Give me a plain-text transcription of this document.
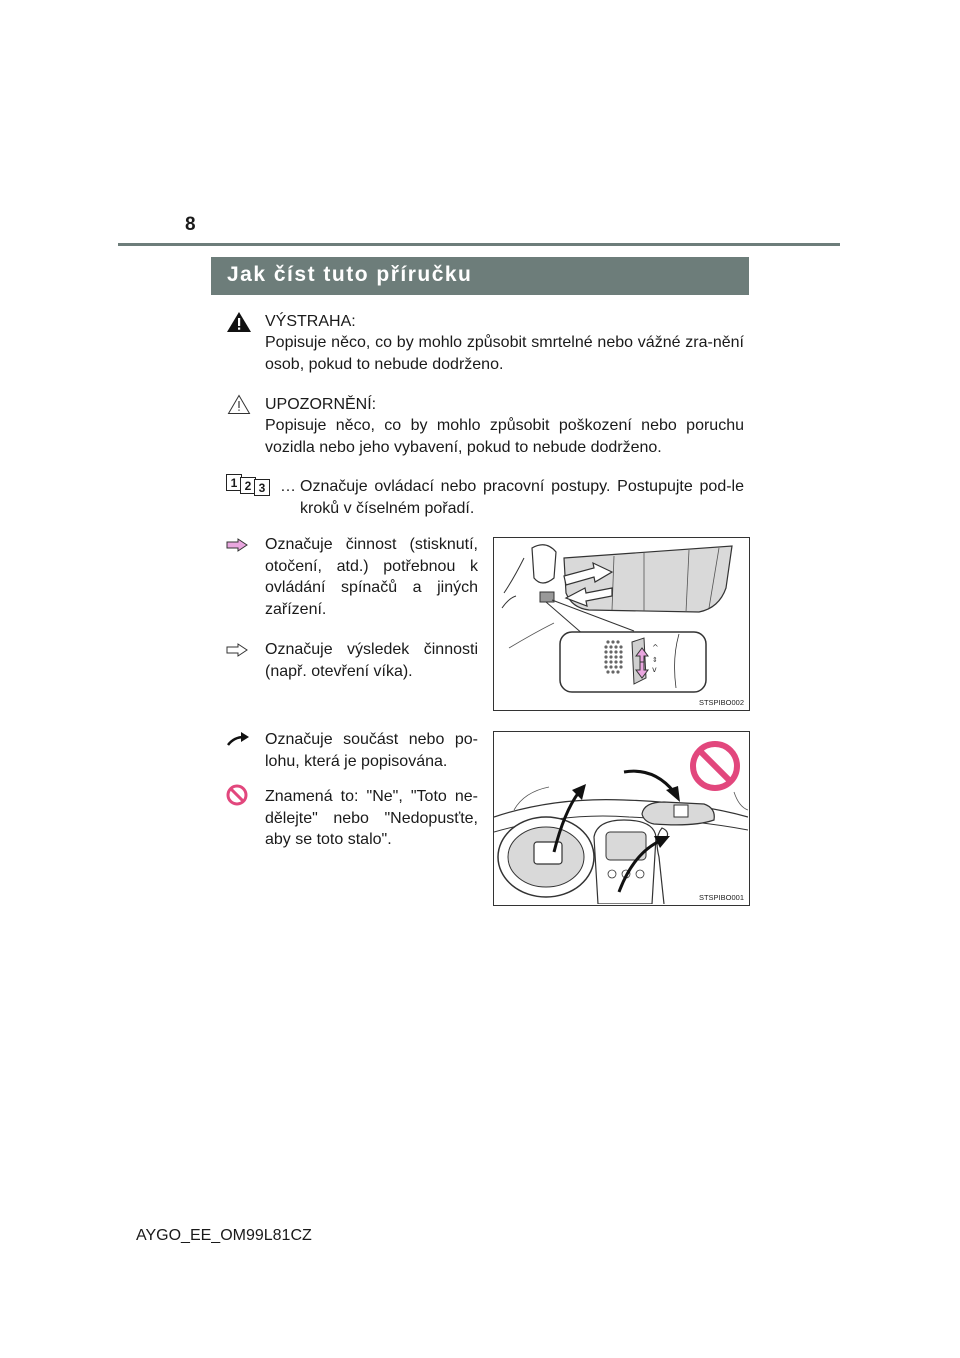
8
Jak číst tuto příručku
VÝSTRAHA:
Popisuje něco, co by mohlo způsobit smrtelné nebo vážné zra-nění osob, pokud to nebude dodrženo.
UPOZORNĚNÍ:
Popisuje něco, co by mohlo způsobit poškození nebo poruchu vozidla nebo jeho vybavení, pokud to nebude dodrženo.
1 2 3 … Označuje ovládací nebo pracovní postupy. Postupujte pod-le kroků v číselném pořadí.
Označuje činnost (stisknutí, otočení, atd.) potřebnou k ovládání spínačů a jiných zařízení.
Označuje výsledek činnosti (např. otevření víka).
^
⇕
v
STSPIBO002
Označuje součást nebo po-lohu, která je popisována.
Znamená to: "Ne", "Toto ne-dělejte" nebo "Nedopusťte, aby se toto stalo".
STSPIBO001
AYGO_EE_OM99L81CZ
